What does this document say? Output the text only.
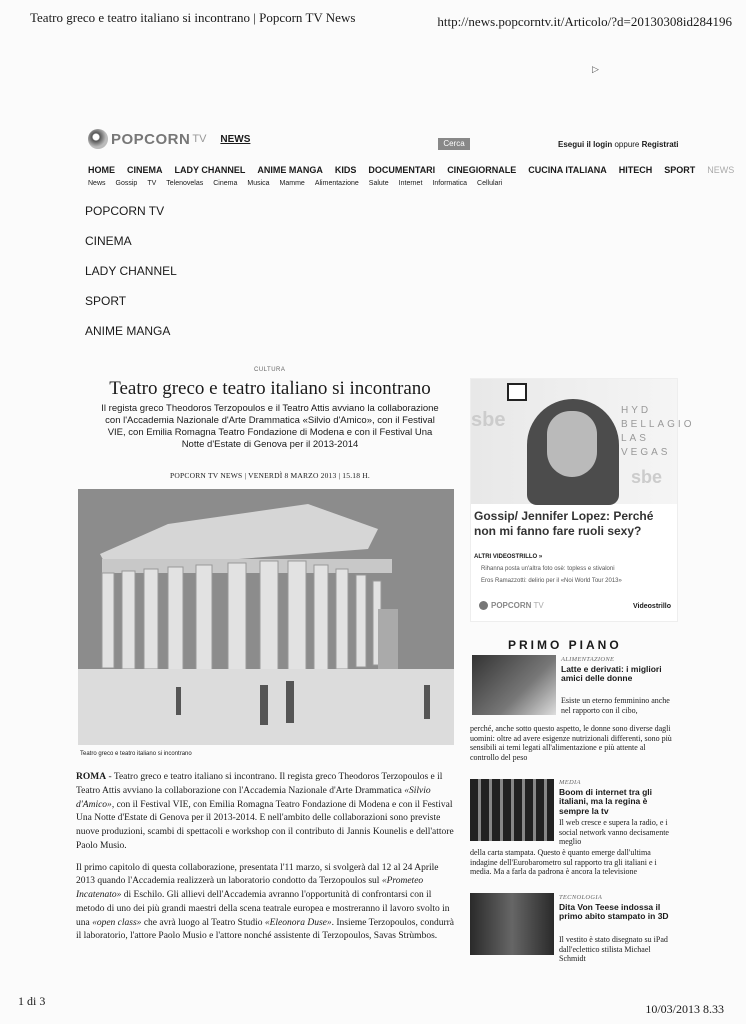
Teatro greco e teatro italiano si incontrano | Popcorn TV News	http://news.popcorntv.it/Articolo/?d=20130308id284196
▷
POPCORN TV NEWS	Cerca	Esegui il login oppure Registrati
HOME CINEMA LADY CHANNEL ANIME MANGA KIDS DOCUMENTARI CINEGIORNALE CUCINA ITALIANA HITECH SPORT NEWS
News Gossip TV Telenovelas Cinema Musica Mamme Alimentazione Salute Internet Informatica Cellulari
POPCORN TV
CINEMA
LADY CHANNEL
SPORT
ANIME MANGA
CULTURA
Teatro greco e teatro italiano si incontrano
Il regista greco Theodoros Terzopoulos e il Teatro Attis avviano la collaborazione con l'Accademia Nazionale d'Arte Drammatica «Silvio d'Amico», con il Festival VIE, con Emilia Romagna Teatro Fondazione di Modena e con il Festival Una Notte d'Estate di Genova per il 2013-2014
POPCORN TV NEWS | VENERDÌ 8 MARZO 2013 | 15.18 H.
Teatro greco e teatro italiano si incontrano

ROMA - Teatro greco e teatro italiano si incontrano. Il regista greco Theodoros Terzopoulos e il Teatro Attis avviano la collaborazione con l'Accademia Nazionale d'Arte Drammatica «Silvio d'Amico», con il Festival VIE, con Emilia Romagna Teatro Fondazione di Modena e con il Festival Una Notte d'Estate di Genova per il 2013-2014. E nell'ambito delle collaborazioni sono previste nuove produzioni, scambi di spettacoli e workshop con il contributo di Jannis Kounelis e dell'attore Paolo Musio.

Il primo capitolo di questa collaborazione, presentata l'11 marzo, si svolgerà dal 12 al 24 Aprile 2013 quando l'Accademia realizzerà un laboratorio condotto da Terzopoulos sul «Prometeo Incatenato» di Eschilo. Gli allievi dell'Accademia avranno l'opportunità di confrontarsi con il metodo di uno dei più grandi maestri della scena teatrale europea e mostreranno il lavoro svolto in una «open class» che avrà luogo al Teatro Studio «Eleonora Duse». Insieme Terzopoulos, condurrà il laboratorio, l'attore Paolo Musio e l'attore nonché assistente di Terzopoulos, Savas Strùmbos.

sbe	HYD BELLAGIO LAS VEGAS
sbe
Gossip/ Jennifer Lopez: Perché non mi fanno fare ruoli sexy?
ALTRI VIDEOSTRILLO »
Rihanna posta un'altra foto osè: topless e stivaloni
Eros Ramazzotti: delirio per il «Noi World Tour 2013»
POPCORN TV	Videostrillo
PRIMO PIANO
ALIMENTAZIONE
Latte e derivati: i migliori amici delle donne
Esiste un eterno femminino anche nel rapporto con il cibo,
perché, anche sotto questo aspetto, le donne sono diverse dagli uomini: oltre ad avere esigenze nutrizionali differenti, sono più sensibili ai temi legati all'alimentazione e più attente al controllo del peso
MEDIA
Boom di internet tra gli italiani, ma la regina è sempre la tv
Il web cresce e supera la radio, e i social network vanno decisamente meglio
della carta stampata. Questo è quanto emerge dall'ultima indagine dell'Eurobarometro sul rapporto tra gli italiani e i media. Ma a farla da padrona è ancora la televisione
TECNOLOGIA
Dita Von Teese indossa il primo abito stampato in 3D
Il vestito è stato disegnato su iPad dall'eclettico stilista Michael Schmidt
1 di 3
10/03/2013 8.33
